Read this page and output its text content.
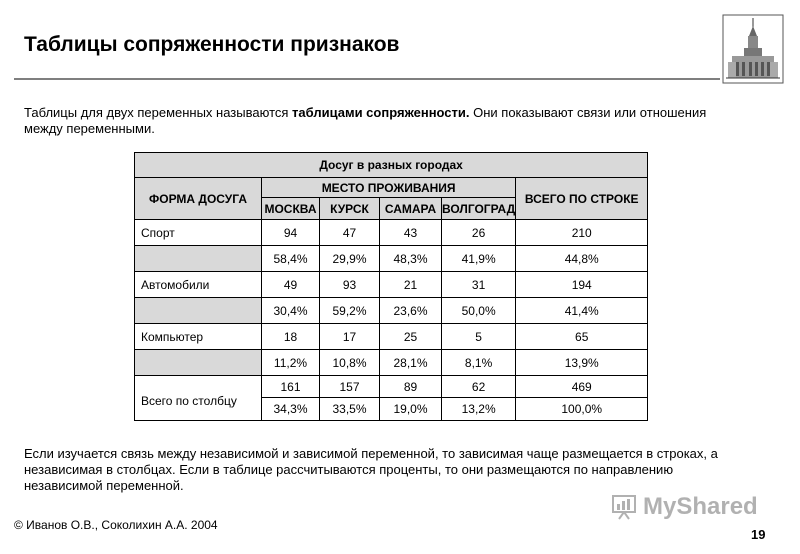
Таблицы сопряженности признаков
Таблицы для двух переменных называются таблицами сопряженности. Они показывают связи или отношения между переменными.
Досуг в разных городах					
ФОРМА ДОСУГА	МЕСТО ПРОЖИВАНИЯ				ВСЕГО ПО СТРОКЕ
	МОСКВА	КУРСК	САМАРА	ВОЛГОГРАД	
Спорт	94	47	43	26	210
	58,4%	29,9%	48,3%	41,9%	44,8%
Автомобили	49	93	21	31	194
	30,4%	59,2%	23,6%	50,0%	41,4%
Компьютер	18	17	25	5	65
	11,2%	10,8%	28,1%	8,1%	13,9%
Всего по столбцу	161	157	89	62	469
	34,3%	33,5%	19,0%	13,2%	100,0%
Если изучается связь между независимой и зависимой переменной, то зависимая чаще размещается в строках, а независимая в столбцах. Если в таблице рассчитываются проценты, то они размещаются по направлению независимой переменной.
MyShared
© Иванов О.В., Соколихин А.А. 2004
19
